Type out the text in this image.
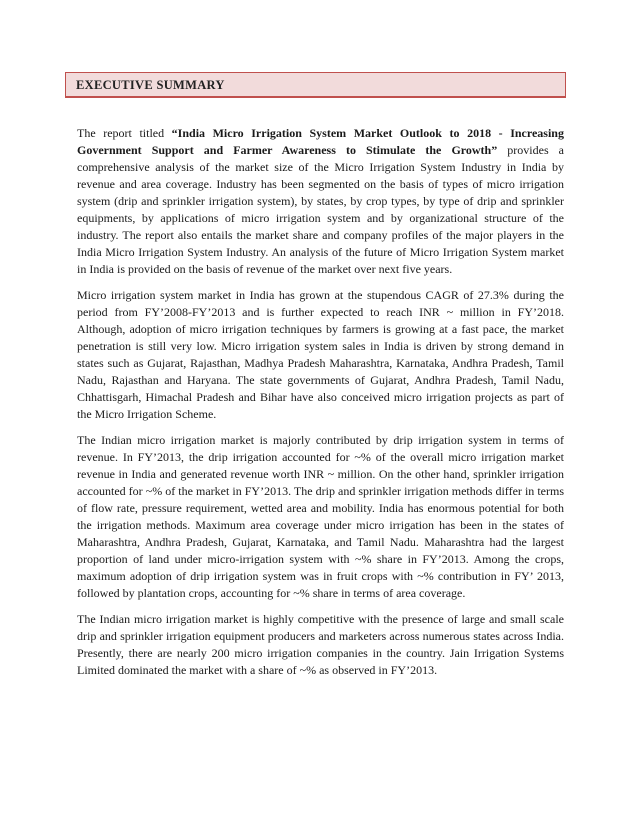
EXECUTIVE SUMMARY

The report titled “India Micro Irrigation System Market Outlook to 2018 - Increasing Government Support and Farmer Awareness to Stimulate the Growth” provides a comprehensive analysis of the market size of the Micro Irrigation System Industry in India by revenue and area coverage. Industry has been segmented on the basis of types of micro irrigation system (drip and sprinkler irrigation system), by states, by crop types, by type of drip and sprinkler equipments, by applications of micro irrigation system and by organizational structure of the industry. The report also entails the market share and company profiles of the major players in the India Micro Irrigation System Industry. An analysis of the future of Micro Irrigation System market in India is provided on the basis of revenue of the market over next five years.

Micro irrigation system market in India has grown at the stupendous CAGR of 27.3% during the period from FY’2008-FY’2013 and is further expected to reach INR ~ million in FY’2018. Although, adoption of micro irrigation techniques by farmers is growing at a fast pace, the market penetration is still very low. Micro irrigation system sales in India is driven by strong demand in states such as Gujarat, Rajasthan, Madhya Pradesh Maharashtra, Karnataka, Andhra Pradesh, Tamil Nadu, Rajasthan and Haryana. The state governments of Gujarat, Andhra Pradesh, Tamil Nadu, Chhattisgarh, Himachal Pradesh and Bihar have also conceived micro irrigation projects as part of the Micro Irrigation Scheme.

The Indian micro irrigation market is majorly contributed by drip irrigation system in terms of revenue. In FY’2013, the drip irrigation accounted for ~% of the overall micro irrigation market revenue in India and generated revenue worth INR ~ million. On the other hand, sprinkler irrigation accounted for ~% of the market in FY’2013. The drip and sprinkler irrigation methods differ in terms of flow rate, pressure requirement, wetted area and mobility. India has enormous potential for both the irrigation methods. Maximum area coverage under micro irrigation has been in the states of Maharashtra, Andhra Pradesh, Gujarat, Karnataka, and Tamil Nadu. Maharashtra had the largest proportion of land under micro-irrigation system with ~% share in FY’2013. Among the crops, maximum adoption of drip irrigation system was in fruit crops with ~% contribution in FY’ 2013, followed by plantation crops, accounting for ~% share in terms of area coverage.

The Indian micro irrigation market is highly competitive with the presence of large and small scale drip and sprinkler irrigation equipment producers and marketers across numerous states across India. Presently, there are nearly 200 micro irrigation companies in the country. Jain Irrigation Systems Limited dominated the market with a share of ~% as observed in FY’2013.
